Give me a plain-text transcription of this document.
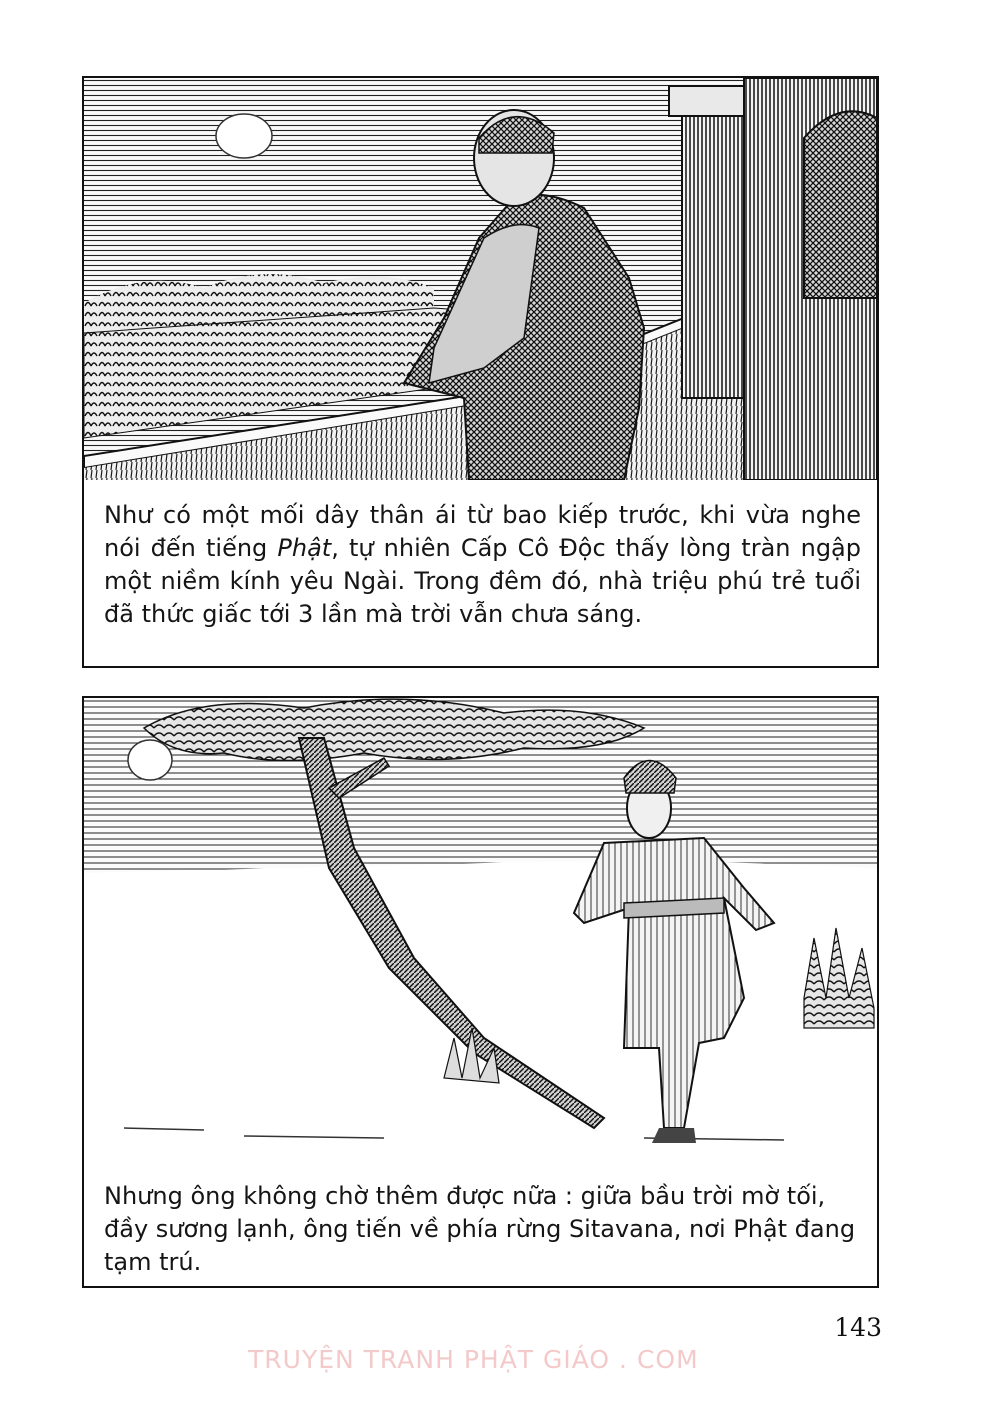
Như có một mối dây thân ái từ bao kiếp trước, khi vừa nghe nói đến tiếng Phật, tự nhiên Cấp Cô Độc thấy lòng tràn ngập một niềm kính yêu Ngài. Trong đêm đó, nhà triệu phú trẻ tuổi đã thức giấc tới 3 lần mà trời vẫn chưa sáng.
Nhưng ông không chờ thêm được nữa : giữa bầu trời mờ tối, đầy sương lạnh, ông tiến về phía rừng Sitavana, nơi Phật đang tạm trú.
143
TRUYỆN TRANH PHẬT GIÁO . COM
